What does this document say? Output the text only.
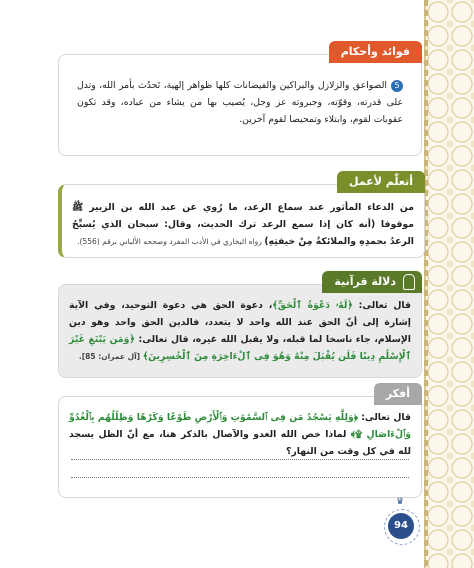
فوائد وأحكام
5الصواعق والزلازل والبراكين والفيضانات كلها ظواهر إلهية، تَحدُث بأمر الله، وتدل على قدرته، وقوّته، وجبروته عز وجل، يُصيب بها من يشاء من عباده، وقد تكون عقوبات لقوم، وابتلاء وتمحيصا لقوم آخرين.
أتعلّم لأعمل
من الدعاء المأثور عند سماع الرعد، ما رُوي عن عبد الله بن الزبير ﷺ موقوفا (أنه كان إذا سمع الرعد ترك الحديث، وقال: سبحان الذي يُسبِّحُ الرعدُ بحمدِهِ والملائكةُ مِنْ خيفتِهِ) رواه البخاري في الأدب المفرد وصححه الألباني برقم (556).
دلالة قرآنية
قال تعالى: ﴿لَهُۥ دَعْوَةُ ٱلْحَقِّ﴾، دعوة الحق هي دعوة التوحيد، وفي الآية إشارة إلى أنّ الحق عند الله واحد لا يتعدد، فالدين الحق واحد وهو دين الإسلام، جاء ناسخا لما قبله، ولا يقبل الله غيره، قال تعالى: ﴿وَمَن يَبْتَغِ غَيْرَ ٱلْإِسْلَٰمِ دِينًا فَلَن يُقْبَلَ مِنْهُ وَهُوَ فِى ٱلْءَاخِرَةِ مِنَ ٱلْخَٰسِرِينَ﴾ [آل عمران: 85].
أفكر
قال تعالى: ﴿وَلِلَّهِ يَسْجُدُ مَن فِى ٱلسَّمَٰوَٰتِ وَٱلْأَرْضِ طَوْعًا وَكَرْهًا وَظِلَٰلُهُم بِٱلْغُدُوِّ وَٱلْءَاصَالِ ۩﴾ لماذا خص الله الغدو والآصال بالذكر هنا، مع أنّ الظل يسجد لله في كل وقت من النهار؟
♛
94
